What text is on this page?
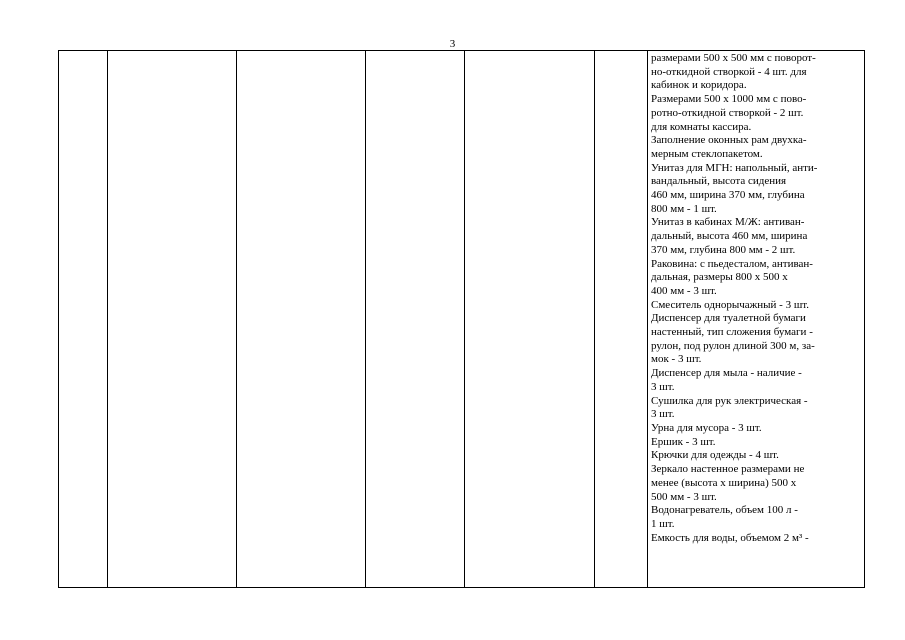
3
размерами 500 х 500 мм с поворот-
но-откидной створкой - 4 шт. для
кабинок и коридора.
Размерами 500 х 1000 мм с пово-
ротно-откидной створкой - 2 шт.
для комнаты кассира.
Заполнение оконных рам двухка-
мерным стеклопакетом.
Унитаз для МГН: напольный, анти-
вандальный, высота сидения
460 мм, ширина 370 мм, глубина
800 мм - 1 шт.
Унитаз в кабинах М/Ж: антиван-
дальный, высота 460 мм, ширина
370 мм, глубина 800 мм - 2 шт.
Раковина: с пьедесталом, антиван-
дальная, размеры 800 х 500 х
400 мм - 3 шт.
Смеситель однорычажный - 3 шт.
Диспенсер для туалетной бумаги
настенный, тип сложения бумаги -
рулон, под рулон длиной 300 м, за-
мок - 3 шт.
Диспенсер для мыла - наличие -
3 шт.
Сушилка для рук электрическая -
3 шт.
Урна для мусора - 3 шт.
Ершик - 3 шт.
Крючки для одежды - 4 шт.
Зеркало настенное размерами не
менее (высота х ширина) 500 х
500 мм - 3 шт.
Водонагреватель, объем 100 л -
1 шт.
Емкость для воды, объемом 2 м³ -
